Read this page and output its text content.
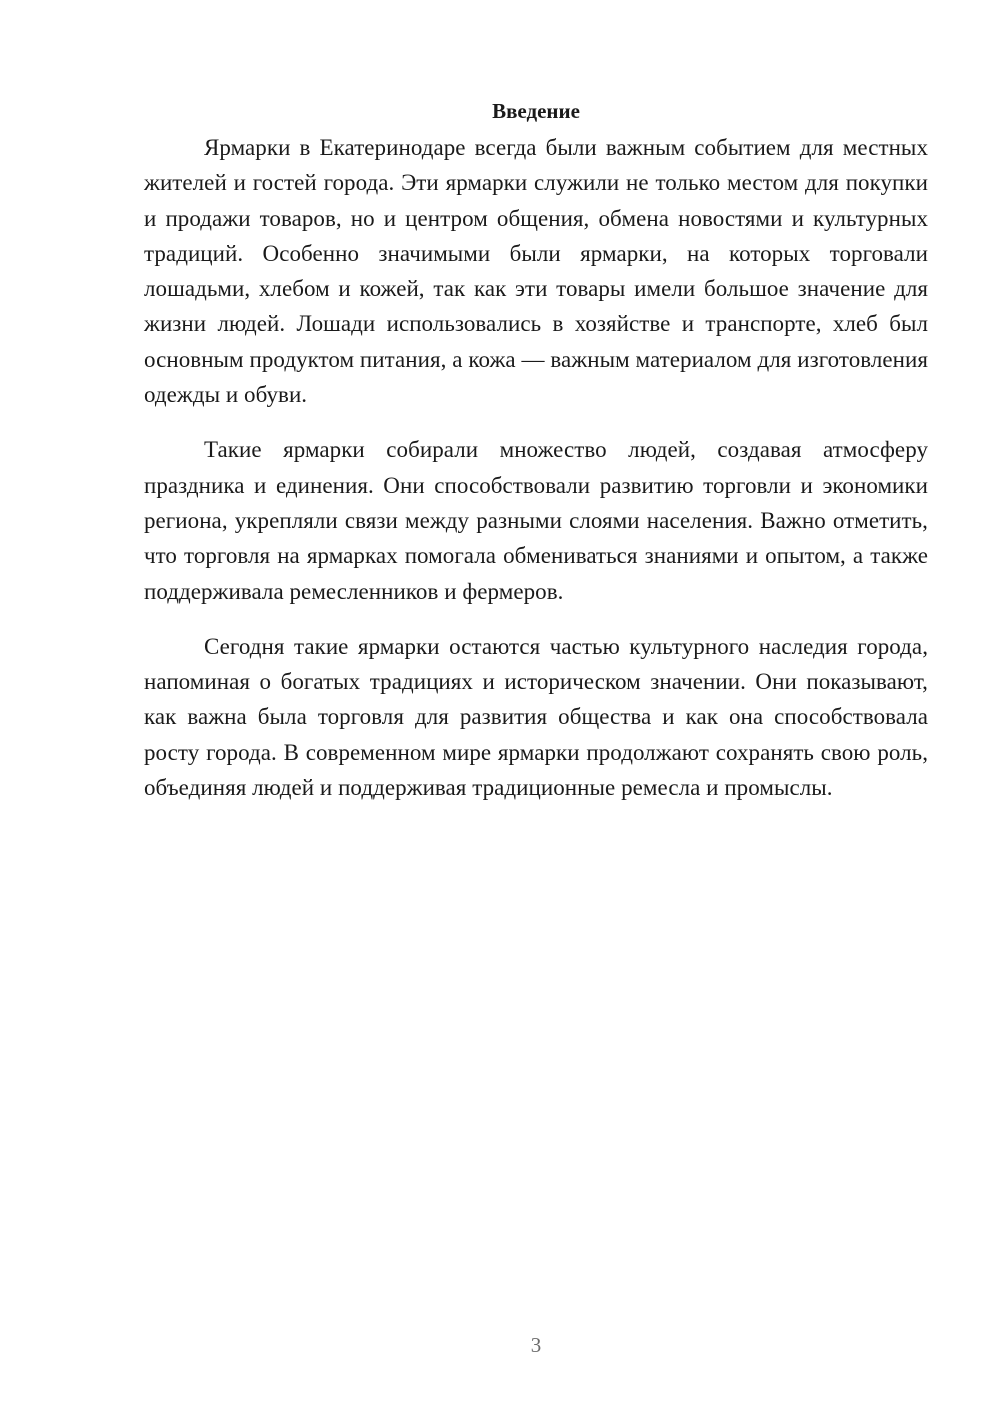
Введение

Ярмарки в Екатеринодаре всегда были важным событием для местных жителей и гостей города. Эти ярмарки служили не только местом для покупки и продажи товаров, но и центром общения, обмена новостями и культурных традиций. Особенно значимыми были ярмарки, на которых торговали лошадьми, хлебом и кожей, так как эти товары имели большое значение для жизни людей. Лошади использовались в хозяйстве и транспорте, хлеб был основным продуктом питания, а кожа — важным материалом для изготовления одежды и обуви.

Такие ярмарки собирали множество людей, создавая атмосферу праздника и единения. Они способствовали развитию торговли и экономики региона, укрепляли связи между разными слоями населения. Важно отметить, что торговля на ярмарках помогала обмениваться знаниями и опытом, а также поддерживала ремесленников и фермеров.

Сегодня такие ярмарки остаются частью культурного наследия города, напоминая о богатых традициях и историческом значении. Они показывают, как важна была торговля для развития общества и как она способствовала росту города. В современном мире ярмарки продолжают сохранять свою роль, объединяя людей и поддерживая традиционные ремесла и промыслы.

3
